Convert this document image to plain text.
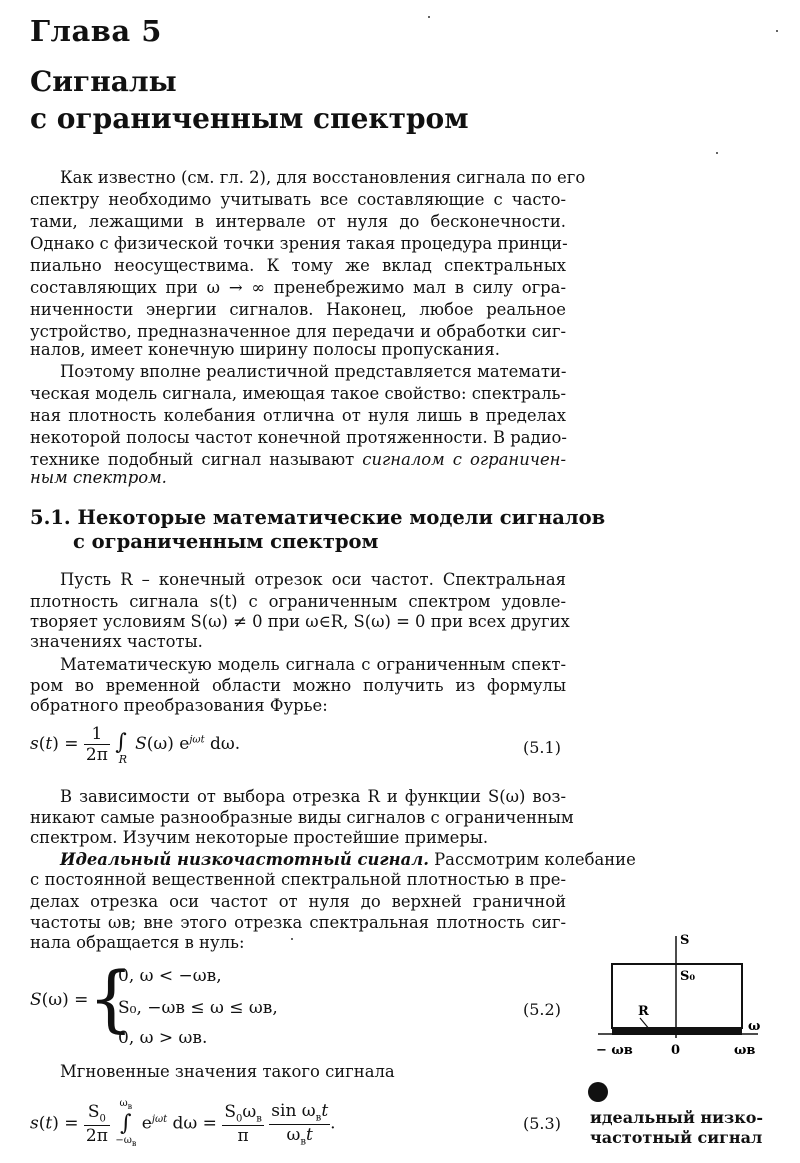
Глава 5
Сигналы
с ограниченным спектром
Как известно (см. гл. 2), для восстановления сигнала по его
спектру необходимо учитывать все составляющие с часто-
тами, лежащими в интервале от нуля до бесконечности.
Однако с физической точки зрения такая процедура принци-
пиально неосуществима. К тому же вклад спектральных
составляющих при ω → ∞ пренебрежимо мал в силу огра-
ниченности энергии сигналов. Наконец, любое реальное
устройство, предназначенное для передачи и обработки сиг-
налов, имеет конечную ширину полосы пропускания.
Поэтому вполне реалистичной представляется математи-
ческая модель сигнала, имеющая такое свойство: спектраль-
ная плотность колебания отлична от нуля лишь в пределах
некоторой полосы частот конечной протяженности. В радио-
технике подобный сигнал называют сигналом с ограничен-
ным спектром.
5.1. Некоторые математические модели сигналов
с ограниченным спектром
Пусть R – конечный отрезок оси частот. Спектральная
плотность сигнала s(t) с ограниченным спектром удовле-
творяет условиям S(ω) ≠ 0 при ω∈R, S(ω) = 0 при всех других
значениях частоты.
Математическую модель сигнала с ограниченным спект-
ром во временной области можно получить из формулы
обратного преобразования Фурье:
$s(t) = \frac{1}{2\pi} \int_RS(\omega)$ $e^{j\omega t}$ dω.	(5.1)
В зависимости от выбора отрезка R и функции S(ω) воз-
никают самые разнообразные виды сигналов с ограниченным
спектром. Изучим некоторые простейшие примеры.
Идеальный низкочастотный сигнал. Рассмотрим колебание
с постоянной вещественной спектральной плотностью в пре-
делах отрезка оси частот от нуля до верхней граничной
частоты ωв; вне этого отрезка спектральная плотность сиг-
нала обращается в нуль:
S(ω) = {
0, ω < −ωв,
S₀, −ωв ≤ ω ≤ ωв,
0, ω > ωв.
(5.2)
Мгновенные значения такого сигнала
$s(t) = \frac{S_0}{2\pi}$
$\omega_в$
∫
$-\omega_в$
$e^{j\omega t}$ $d\omega = \frac{S_0\omega_в}{\pi}$
$\frac{\sin \omega_вt}{\omega_вt}$ .	(5.3)
S
S₀
R
ω
− ωв	0	ωв
идеальный низко-
частотный сигнал
